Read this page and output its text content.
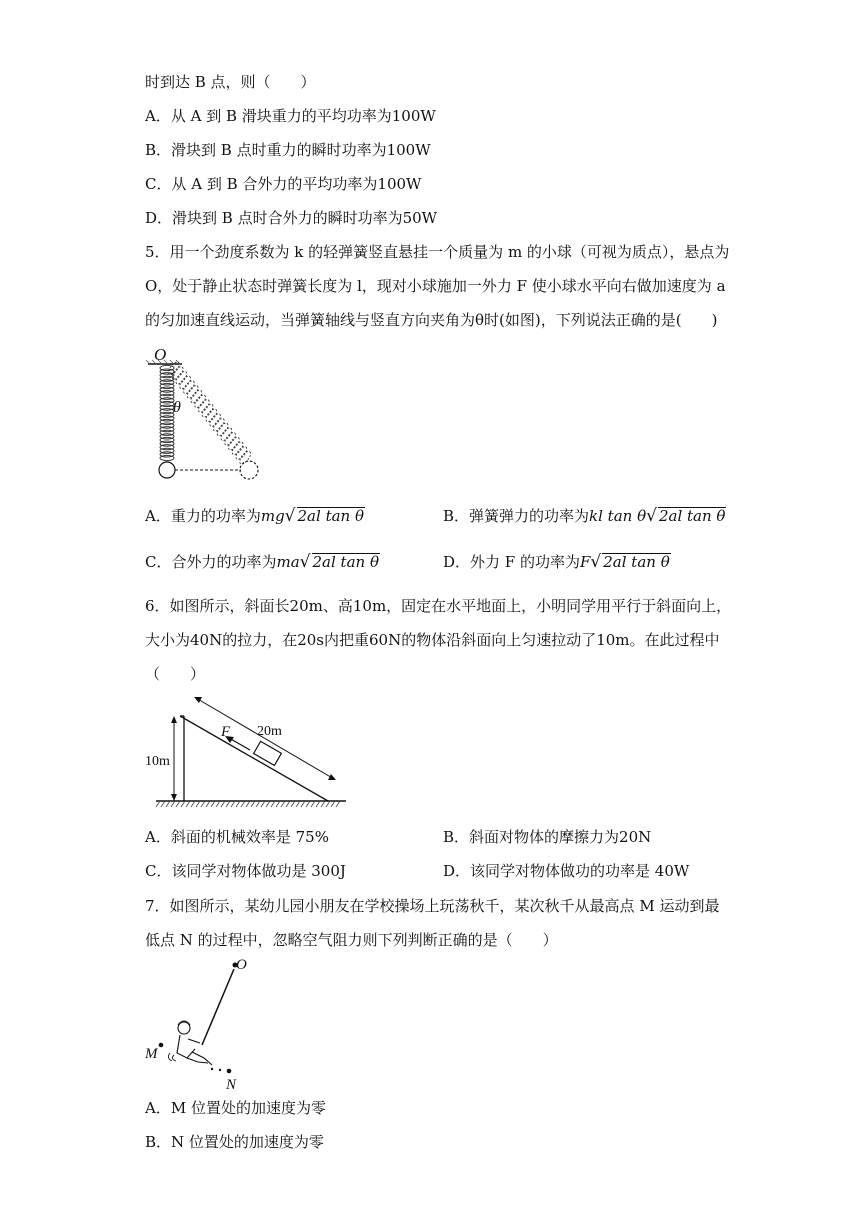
时到达 B 点，则（　　）
A．从 A 到 B 滑块重力的平均功率为100W
B．滑块到 B 点时重力的瞬时功率为100W
C．从 A 到 B 合外力的平均功率为100W
D．滑块到 B 点时合外力的瞬时功率为50W
5．用一个劲度系数为 k 的轻弹簧竖直悬挂一个质量为 m 的小球（可视为质点），悬点为
O，处于静止状态时弹簧长度为 l，现对小球施加一外力 F 使小球水平向右做加速度为 a
的匀加速直线运动，当弹簧轴线与竖直方向夹角为θ时(如图)，下列说法正确的是(　　)
O
θ
A．重力的功率为mg√ 2al tan θ	B．弹簧弹力的功率为kl tan θ√ 2al tan θ
C．合外力的功率为ma√ 2al tan θ	D．外力 F 的功率为F√ 2al tan θ
6．如图所示，斜面长20m、高10m，固定在水平地面上，小明同学用平行于斜面向上，
大小为40N的拉力，在20s内把重60N的物体沿斜面向上匀速拉动了10m。在此过程中
（　　）
10m
20m
F
A．斜面的机械效率是 75%	B．斜面对物体的摩擦力为20N
C．该同学对物体做功是 300J	D．该同学对物体做功的功率是 40W
7．如图所示，某幼儿园小朋友在学校操场上玩荡秋千，某次秋千从最高点 M 运动到最
低点 N 的过程中，忽略空气阻力则下列判断正确的是（　　）
O
M
N
A．M 位置处的加速度为零
B．N 位置处的加速度为零
